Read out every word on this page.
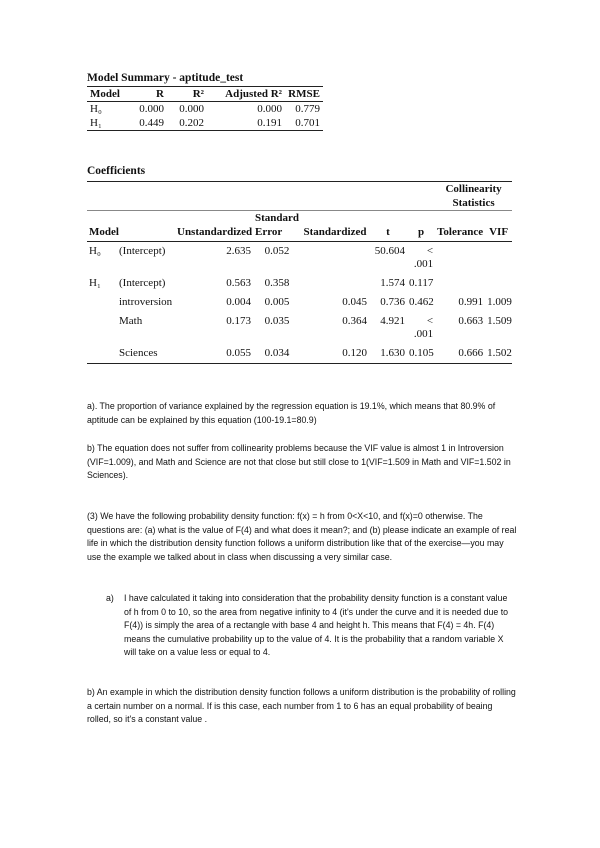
Model Summary - aptitude_test
Model	R	R²	Adjusted R²	RMSE
H₀	0.000	0.000	0.000	0.779
H₁	0.449	0.202	0.191	0.701
Coefficients
							Collinearity Statistics	
Model		Unstandardized	Standard Error	Standardized	t	p	Tolerance	VIF
H₀	(Intercept)	2.635	0.052		50.604	< .001		
H₁	(Intercept)	0.563	0.358		1.574	0.117		
	introversion	0.004	0.005	0.045	0.736	0.462	0.991	1.009
	Math	0.173	0.035	0.364	4.921	< .001	0.663	1.509
	Sciences	0.055	0.034	0.120	1.630	0.105	0.666	1.502

a). The proportion of variance explained by the regression equation is 19.1%, which means that 80.9% of aptitude can be explained by this equation (100-19.1=80.9)

b) The equation does not suffer from collinearity problems because the VIF value is almost 1 in Introversion (VIF=1.009), and Math and Science are not that close but still close to 1(VIF=1.509 in Math and VIF=1.502 in Sciences).

(3) We have the following probability density function: f(x) = h from 0<X<10, and f(x)=0 otherwise. The questions are: (a) what is the value of F(4) and what does it mean?; and (b) please indicate an example of real life in which the distribution density function follows a uniform distribution like that of the exercise—you may use the example we talked about in class when discussing a very similar case.

a) I have calculated it taking into consideration that the probability density function is a constant value of h from 0 to 10, so the area from negative infinity to 4 (it's under the curve and it is needed due to F(4)) is simply the area of a rectangle with base 4 and height h. This means that F(4) = 4h. F(4) means the cumulative probability up to the value of 4. It is the probability that a random variable X will take on a value less or equal to 4.

b) An example in which the distribution density function follows a uniform distribution is the probability of rolling a certain number on a normal. If is this case, each number from 1 to 6 has an equal probability of beaing rolled, so it's a constant value .
